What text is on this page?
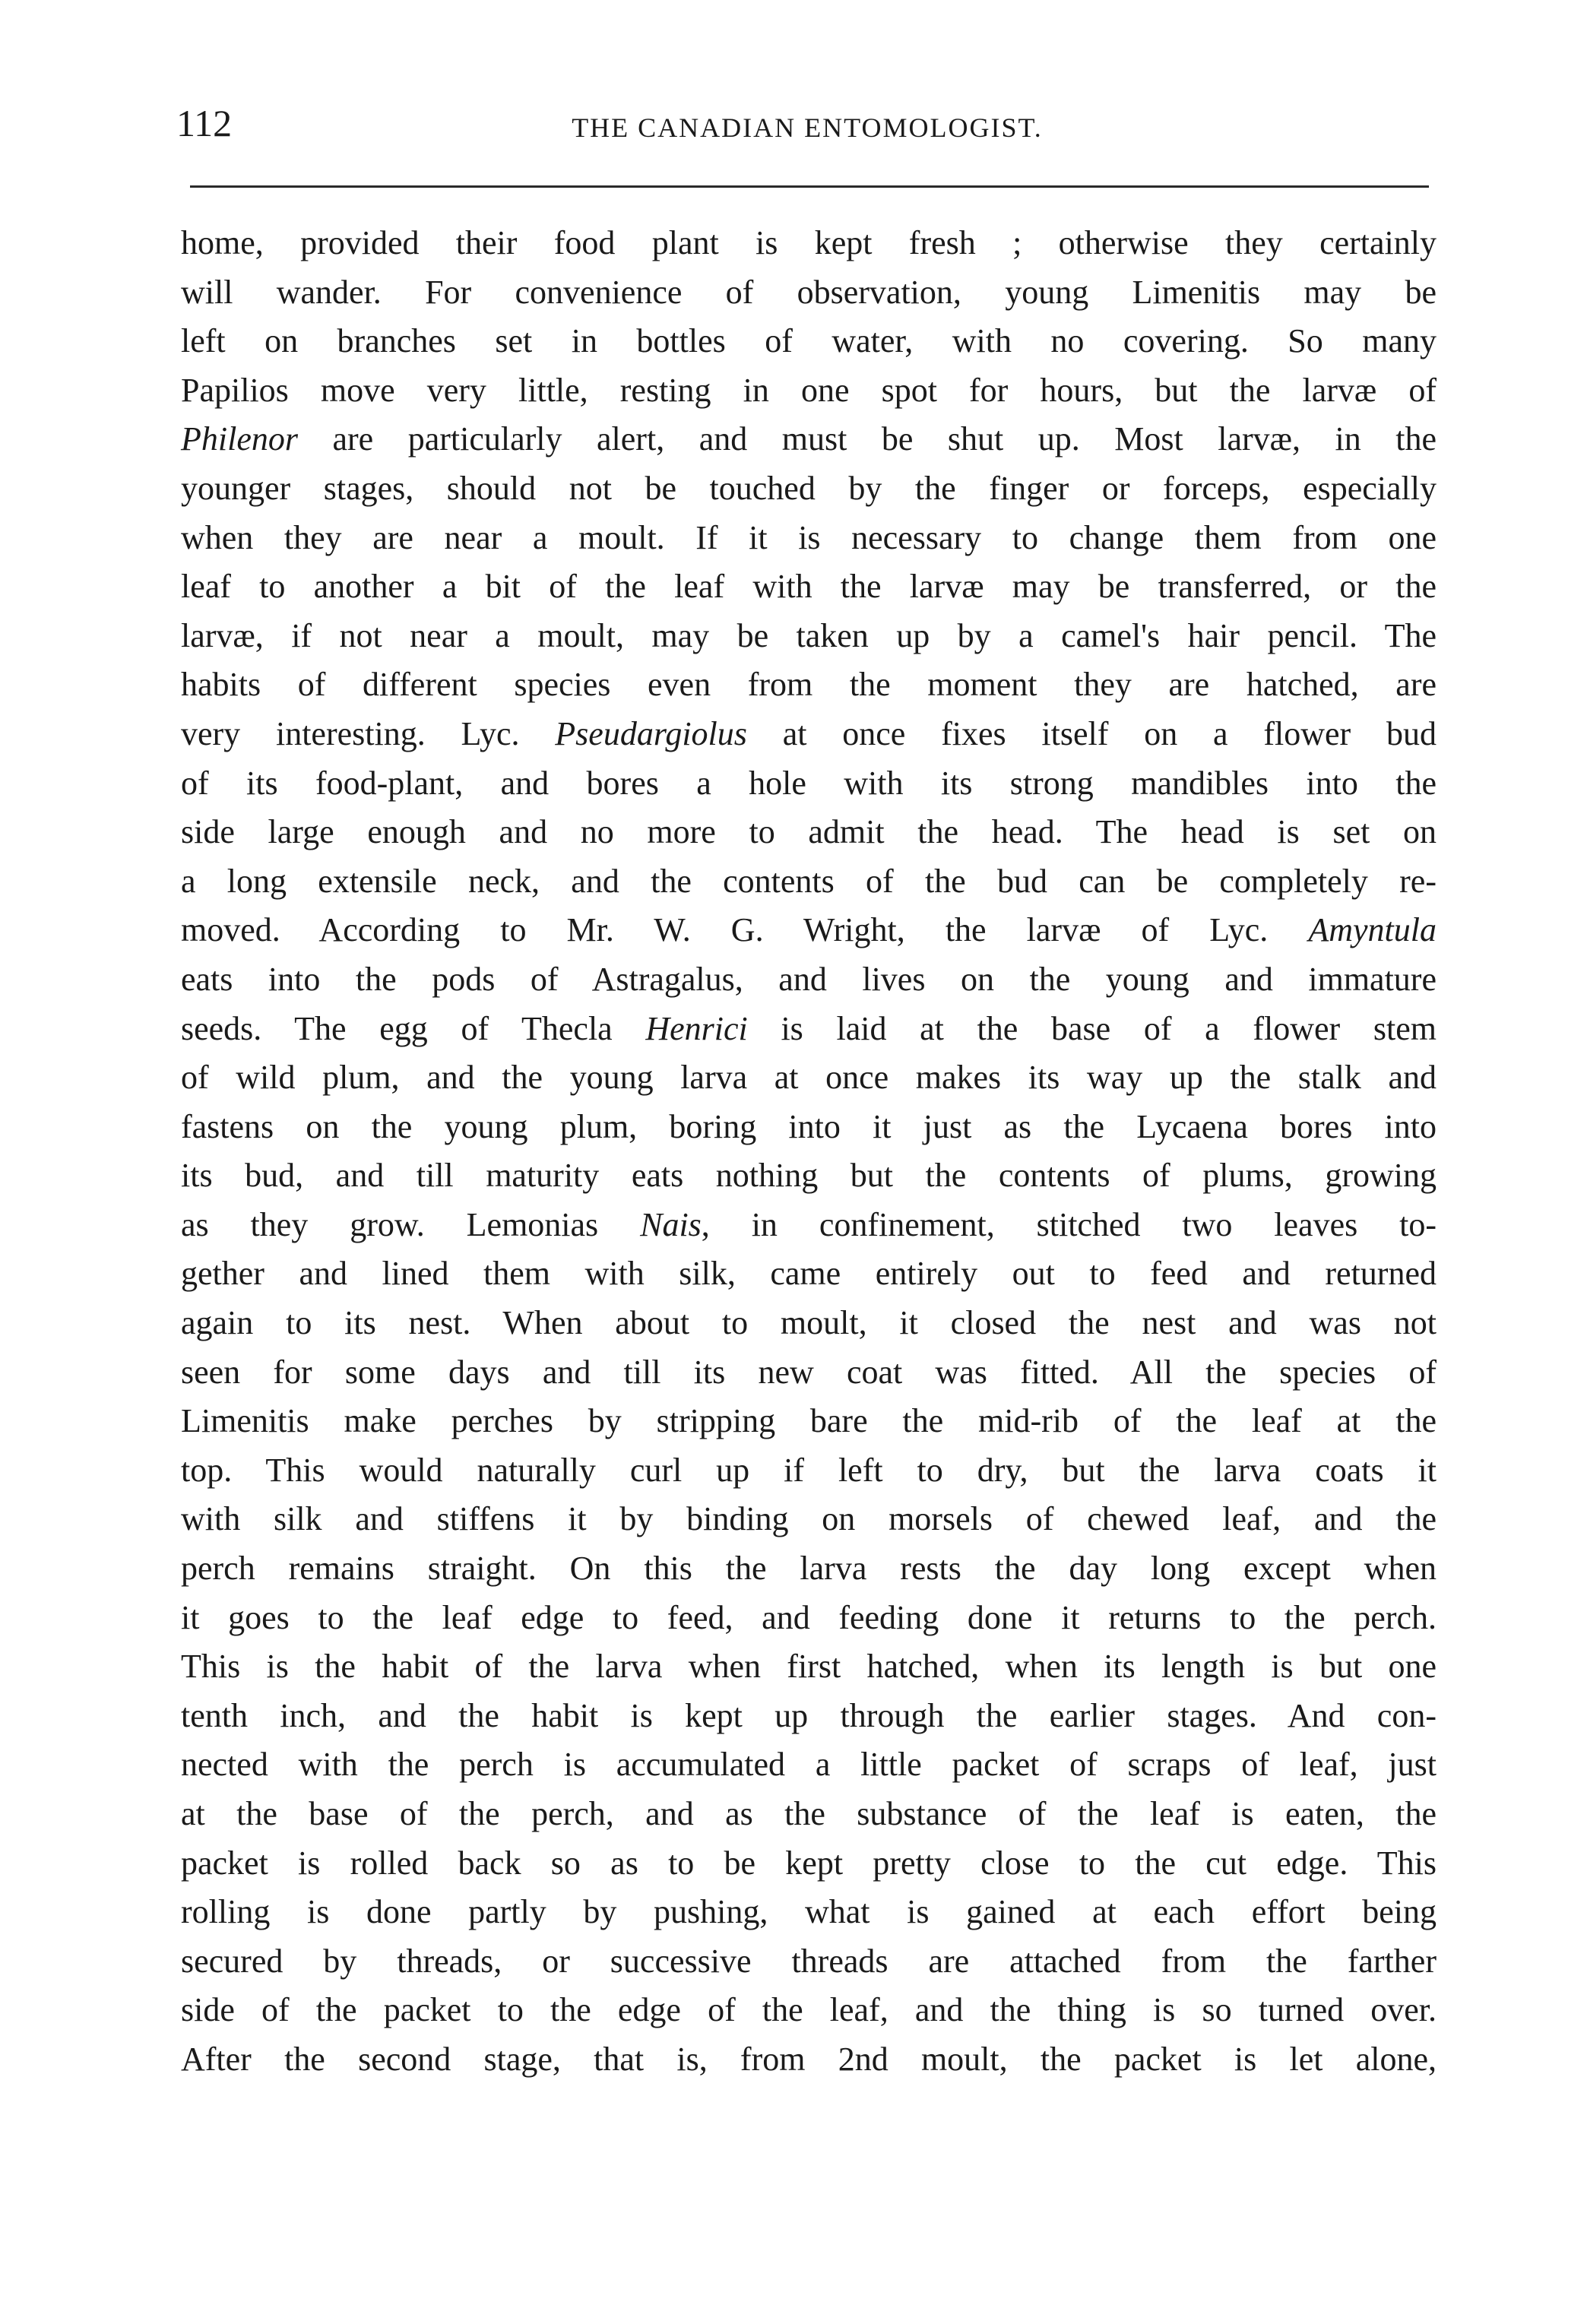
112	THE CANADIAN ENTOMOLOGIST.
home, provided their food plant is kept fresh ; otherwise they certainly
will wander. For convenience of observation, young Limenitis may be
left on branches set in bottles of water, with no covering. So many
Papilios move very little, resting in one spot for hours, but the larvæ of
Philenor are particularly alert, and must be shut up. Most larvæ, in the
younger stages, should not be touched by the finger or forceps, especially
when they are near a moult. If it is necessary to change them from one
leaf to another a bit of the leaf with the larvæ may be transferred, or the
larvæ, if not near a moult, may be taken up by a camel's hair pencil. The
habits of different species even from the moment they are hatched, are
very interesting. Lyc. Pseudargiolus at once fixes itself on a flower bud
of its food-plant, and bores a hole with its strong mandibles into the
side large enough and no more to admit the head. The head is set on
a long extensile neck, and the contents of the bud can be completely re-
moved. According to Mr. W. G. Wright, the larvæ of Lyc. Amyntula
eats into the pods of Astragalus, and lives on the young and immature
seeds. The egg of Thecla Henrici is laid at the base of a flower stem
of wild plum, and the young larva at once makes its way up the stalk and
fastens on the young plum, boring into it just as the Lycaena bores into
its bud, and till maturity eats nothing but the contents of plums, growing
as they grow. Lemonias Nais, in confinement, stitched two leaves to-
gether and lined them with silk, came entirely out to feed and returned
again to its nest. When about to moult, it closed the nest and was not
seen for some days and till its new coat was fitted. All the species of
Limenitis make perches by stripping bare the mid-rib of the leaf at the
top. This would naturally curl up if left to dry, but the larva coats it
with silk and stiffens it by binding on morsels of chewed leaf, and the
perch remains straight. On this the larva rests the day long except when
it goes to the leaf edge to feed, and feeding done it returns to the perch.
This is the habit of the larva when first hatched, when its length is but one
tenth inch, and the habit is kept up through the earlier stages. And con-
nected with the perch is accumulated a little packet of scraps of leaf, just
at the base of the perch, and as the substance of the leaf is eaten, the
packet is rolled back so as to be kept pretty close to the cut edge. This
rolling is done partly by pushing, what is gained at each effort being
secured by threads, or successive threads are attached from the farther
side of the packet to the edge of the leaf, and the thing is so turned over.
After the second stage, that is, from 2nd moult, the packet is let alone,
